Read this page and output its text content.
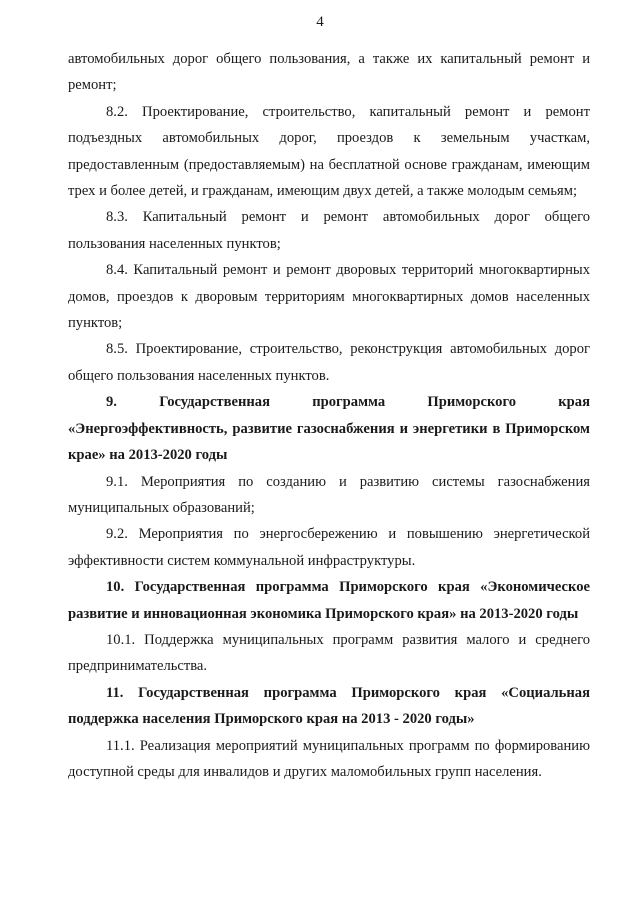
4

автомобильных дорог общего пользования, а также их капитальный ремонт и ремонт;

8.2. Проектирование, строительство, капитальный ремонт и ремонт подъездных автомобильных дорог, проездов к земельным участкам, предоставленным (предоставляемым) на бесплатной основе гражданам, имеющим трех и более детей, и гражданам, имеющим двух детей, а также молодым семьям;

8.3. Капитальный ремонт и ремонт автомобильных дорог общего пользования населенных пунктов;

8.4. Капитальный ремонт и ремонт дворовых территорий многоквартирных домов, проездов к дворовым территориям многоквартирных домов населенных пунктов;

8.5. Проектирование, строительство, реконструкция автомобильных дорог общего пользования населенных пунктов.

9. Государственная программа Приморского края «Энергоэффективность, развитие газоснабжения и энергетики в Приморском крае» на 2013-2020 годы

9.1. Мероприятия по созданию и развитию системы газоснабжения муниципальных образований;

9.2. Мероприятия по энергосбережению и повышению энергетической эффективности систем коммунальной инфраструктуры.

10. Государственная программа Приморского края «Экономическое развитие и инновационная экономика Приморского края» на 2013-2020 годы

10.1. Поддержка муниципальных программ развития малого и среднего предпринимательства.

11. Государственная программа Приморского края «Социальная поддержка населения Приморского края на 2013 - 2020 годы»

11.1. Реализация мероприятий муниципальных программ по формированию доступной среды для инвалидов и других маломобильных групп населения.
